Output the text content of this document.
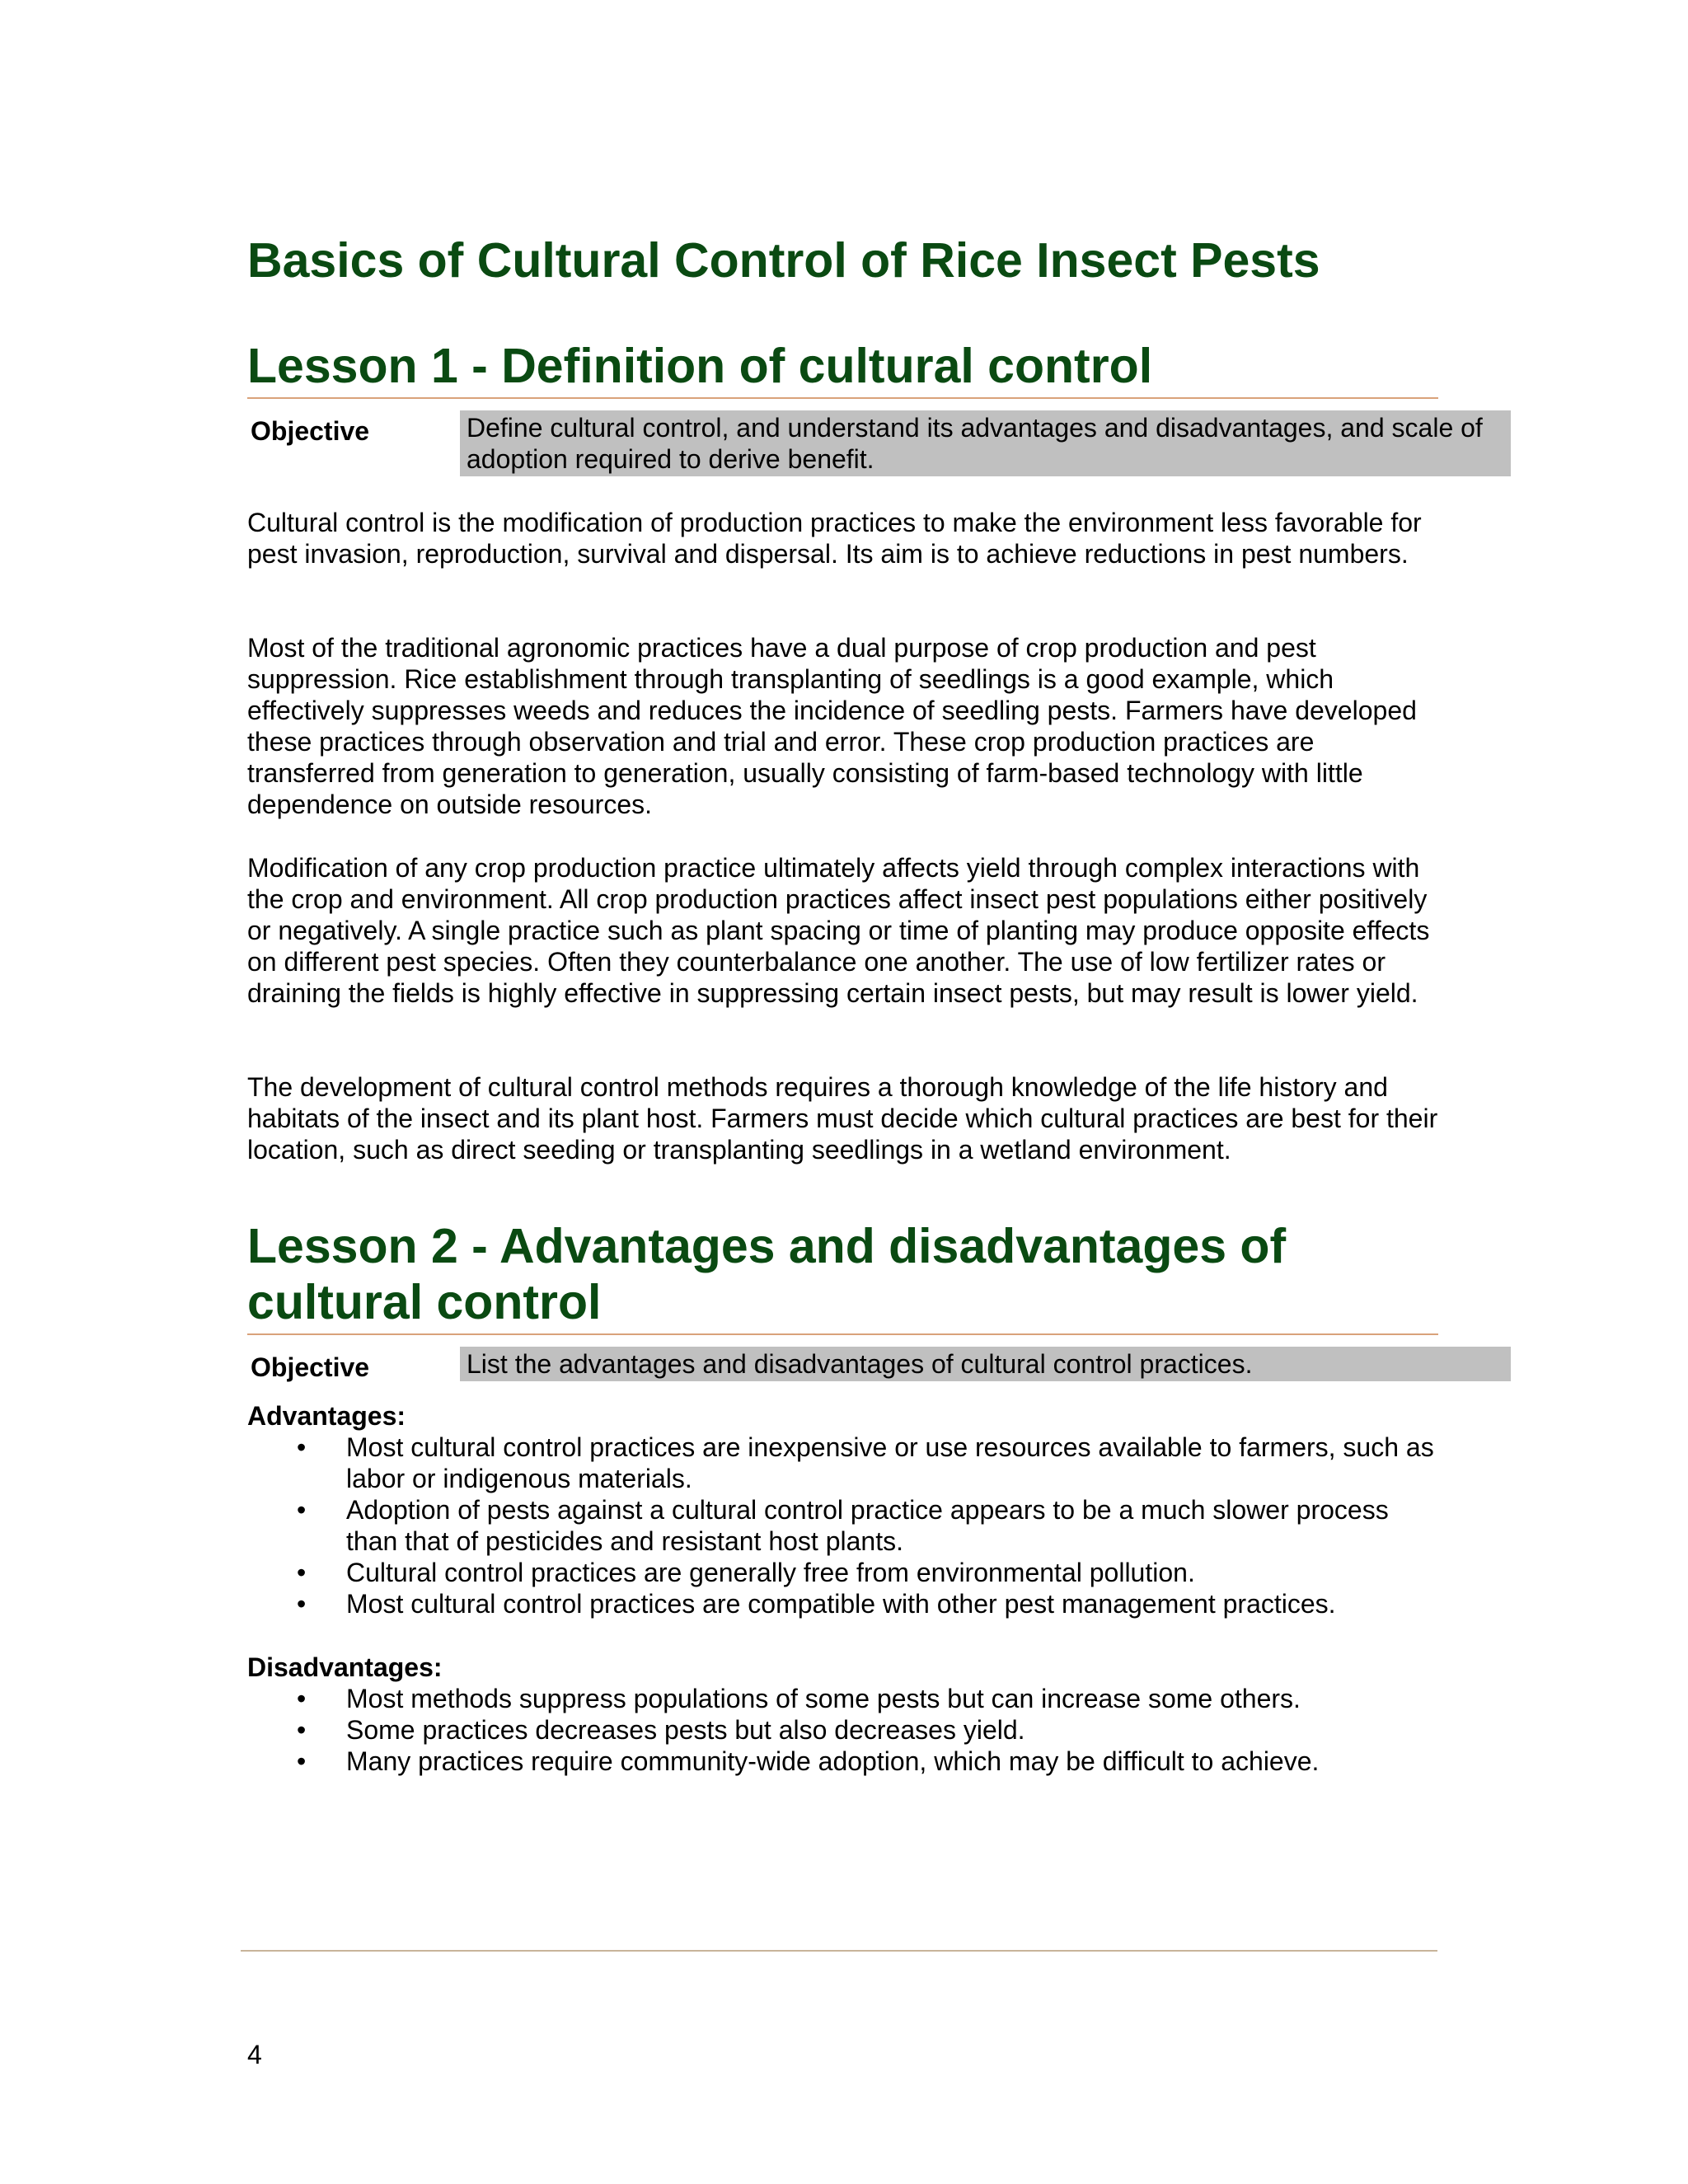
Basics of Cultural Control of Rice Insect Pests
Lesson 1 - Definition of cultural control
Objective	Define cultural control, and understand its advantages and disadvantages, and scale of adoption required to derive benefit.

Cultural control is the modification of production practices to make the environment less favorable for pest invasion, reproduction, survival and dispersal. Its aim is to achieve reductions in pest numbers.

Most of the traditional agronomic practices have a dual purpose of crop production and pest suppression. Rice establishment through transplanting of seedlings is a good example, which effectively suppresses weeds and reduces the incidence of seedling pests. Farmers have developed these practices through observation and trial and error. These crop production practices are transferred from generation to generation, usually consisting of farm-based technology with little dependence on outside resources.

Modification of any crop production practice ultimately affects yield through complex interactions with the crop and environment. All crop production practices affect insect pest populations either positively or negatively. A single practice such as plant spacing or time of planting may produce opposite effects on different pest species. Often they counterbalance one another. The use of low fertilizer rates or draining the fields is highly effective in suppressing certain insect pests, but may result is lower yield.

The development of cultural control methods requires a thorough knowledge of the life history and habitats of the insect and its plant host. Farmers must decide which cultural practices are best for their location, such as direct seeding or transplanting seedlings in a wetland environment.

Lesson 2 - Advantages and disadvantages of cultural control
Objective	List the advantages and disadvantages of cultural control practices.

Advantages:

• Most cultural control practices are inexpensive or use resources available to farmers, such as labor or indigenous materials.
• Adoption of pests against a cultural control practice appears to be a much slower process than that of pesticides and resistant host plants.
• Cultural control practices are generally free from environmental pollution.
• Most cultural control practices are compatible with other pest management practices.

Disadvantages:

• Most methods suppress populations of some pests but can increase some others.
• Some practices decreases pests but also decreases yield.
• Many practices require community-wide adoption, which may be difficult to achieve.
4
